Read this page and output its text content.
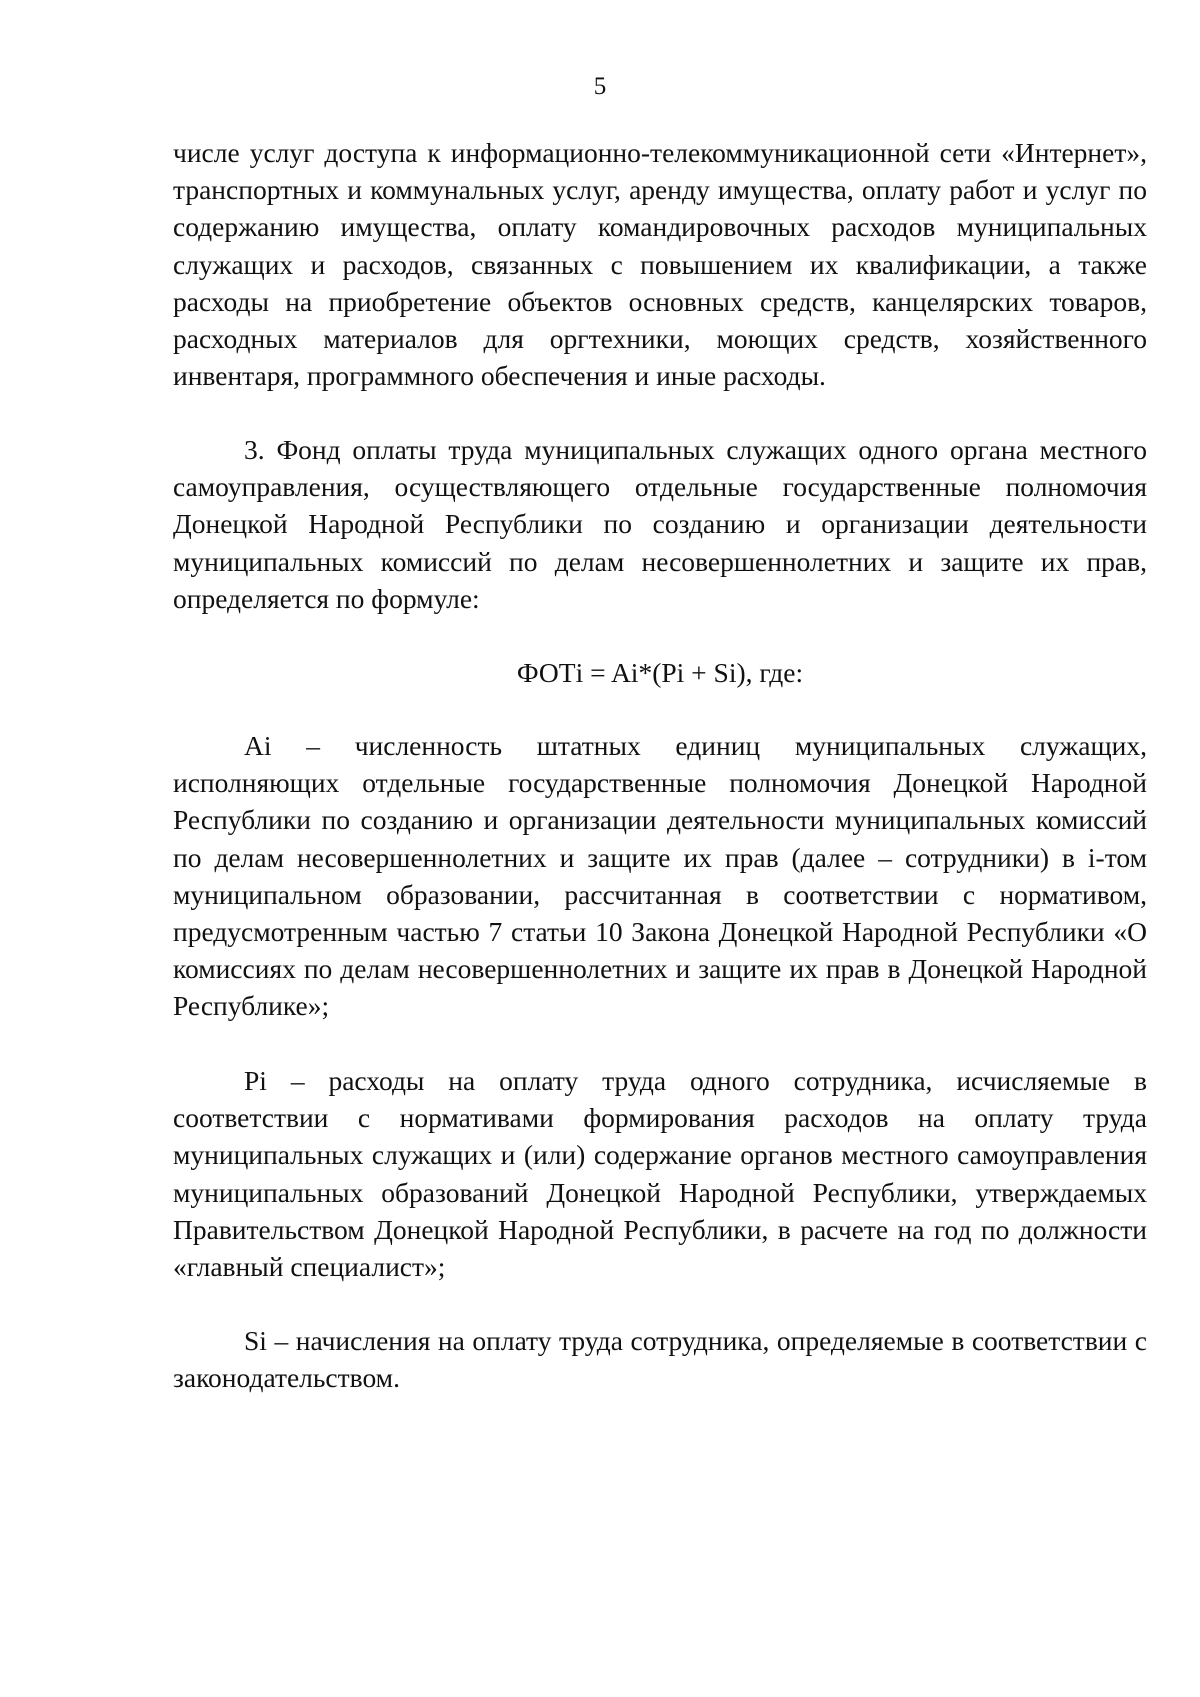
5

числе услуг доступа к информационно-телекоммуникационной сети «Интернет», транспортных и коммунальных услуг, аренду имущества, оплату работ и услуг по содержанию имущества, оплату командировочных расходов муниципальных служащих и расходов, связанных с повышением их квалификации, а также расходы на приобретение объектов основных средств, канцелярских товаров, расходных материалов для оргтехники, моющих средств, хозяйственного инвентаря, программного обеспечения и иные расходы.

3. Фонд оплаты труда муниципальных служащих одного органа местного самоуправления, осуществляющего отдельные государственные полномочия Донецкой Народной Республики по созданию и организации деятельности муниципальных комиссий по делам несовершеннолетних и защите их прав, определяется по формуле:

ФОТi = Ai*(Pi + Si), где:

Ai – численность штатных единиц муниципальных служащих, исполняющих отдельные государственные полномочия Донецкой Народной Республики по созданию и организации деятельности муниципальных комиссий по делам несовершеннолетних и защите их прав (далее – сотрудники) в i-том муниципальном образовании, рассчитанная в соответствии с нормативом, предусмотренным частью 7 статьи 10 Закона Донецкой Народной Республики «О комиссиях по делам несовершеннолетних и защите их прав в Донецкой Народной Республике»;

Pi – расходы на оплату труда одного сотрудника, исчисляемые в соответствии с нормативами формирования расходов на оплату труда муниципальных служащих и (или) содержание органов местного самоуправления муниципальных образований Донецкой Народной Республики, утверждаемых Правительством Донецкой Народной Республики, в расчете на год по должности «главный специалист»;

Si – начисления на оплату труда сотрудника, определяемые в соответствии с законодательством.
